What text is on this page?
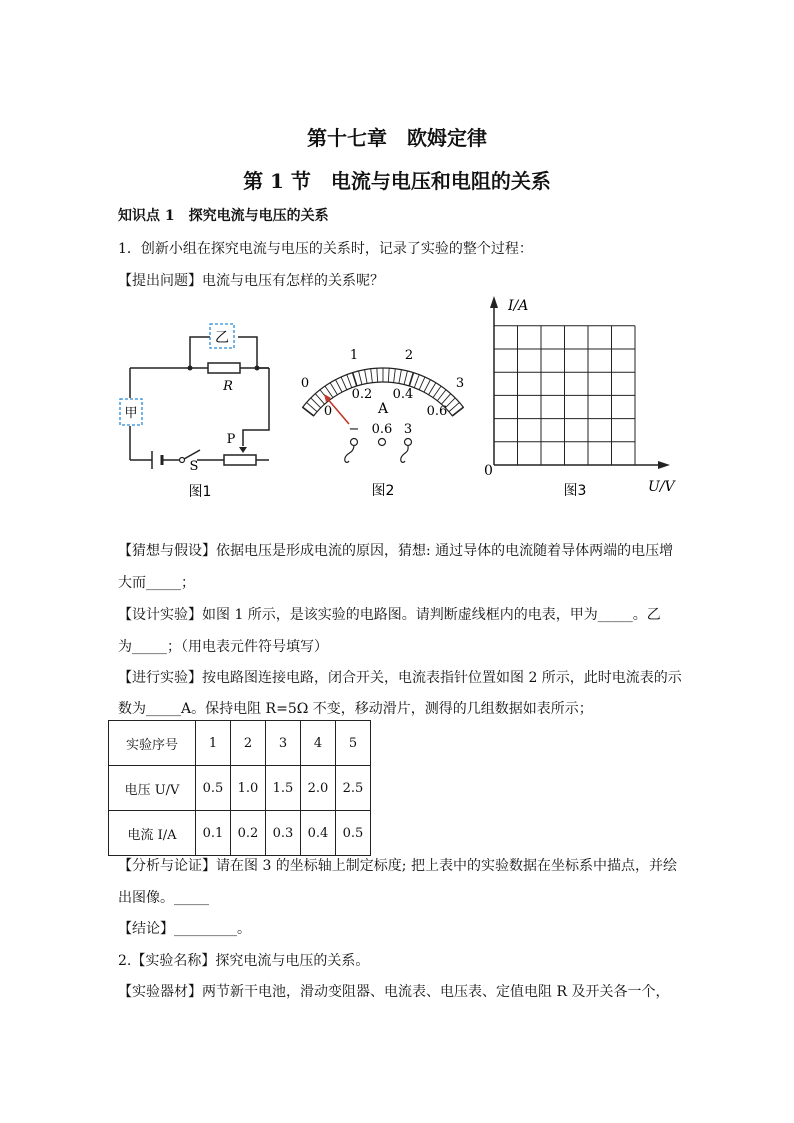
第十七章　欧姆定律
第 1 节　电流与电压和电阻的关系
知识点 1　探究电流与电压的关系
1．创新小组在探究电流与电压的关系时，记录了实验的整个过程：
【提出问题】电流与电压有怎样的关系呢？
乙
甲
R
P
S
图1
0
1	2
3
0
0.2 0.4
0.6
A
− 0.6 3
图2
I/A
U/V
0
图3
【猜想与假设】依据电压是形成电流的原因，猜想: 通过导体的电流随着导体两端的电压增
大而_____；
【设计实验】如图 1 所示，是该实验的电路图。请判断虚线框内的电表，甲为_____。乙
为_____；（用电表元件符号填写）
【进行实验】按电路图连接电路，闭合开关，电流表指针位置如图 2 所示，此时电流表的示
数为_____A。保持电阻 R=5Ω 不变，移动滑片，测得的几组数据如表所示；
实验序号	1	2	3	4	5
电压 U/V	0.5	1.0	1.5	2.0	2.5
电流 I/A	0.1	0.2	0.3	0.4	0.5
【分析与论证】请在图 3 的坐标轴上制定标度; 把上表中的实验数据在坐标系中描点，并绘
出图像。_____
【结论】_________。
2.【实验名称】探究电流与电压的关系。
【实验器材】两节新干电池，滑动变阻器、电流表、电压表、定值电阻 R 及开关各一个，
